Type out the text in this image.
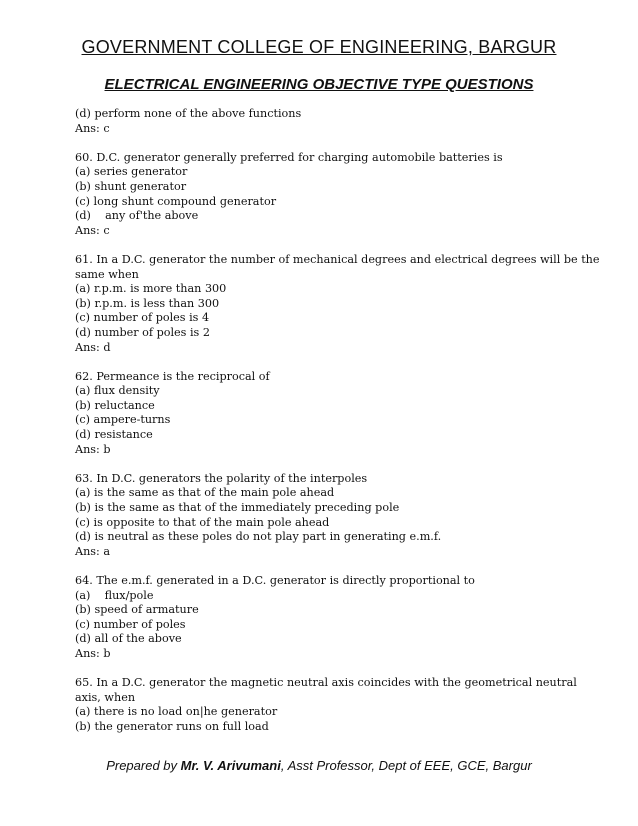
GOVERNMENT COLLEGE OF ENGINEERING, BARGUR
ELECTRICAL ENGINEERING OBJECTIVE TYPE QUESTIONS
(d) perform none of the above functions
Ans: c
60. D.C. generator generally preferred for charging automobile batteries is
(a) series generator
(b) shunt generator
(c) long shunt compound generator
(d)    any of'the above
Ans: c
61. In a D.C. generator the number of mechanical degrees and electrical degrees will be the
same when
(a) r.p.m. is more than 300
(b) r.p.m. is less than 300
(c) number of poles is 4
(d) number of poles is 2
Ans: d
62. Permeance is the reciprocal of
(a) flux density
(b) reluctance
(c) ampere-turns
(d) resistance
Ans: b
63. In D.C. generators the polarity of the interpoles
(a) is the same as that of the main pole ahead
(b) is the same as that of the immediately preceding pole
(c) is opposite to that of the main pole ahead
(d) is neutral as these poles do not play part in generating e.m.f.
Ans: a
64. The e.m.f. generated in a D.C. generator is directly proportional to
(a)    flux/pole
(b) speed of armature
(c) number of poles
(d) all of the above
Ans: b
65. In a D.C. generator the magnetic neutral axis coincides with the geometrical neutral
axis, when
(a) there is no load on|he generator
(b) the generator runs on full load
Prepared by Mr. V. Arivumani, Asst Professor, Dept of EEE, GCE, Bargur
